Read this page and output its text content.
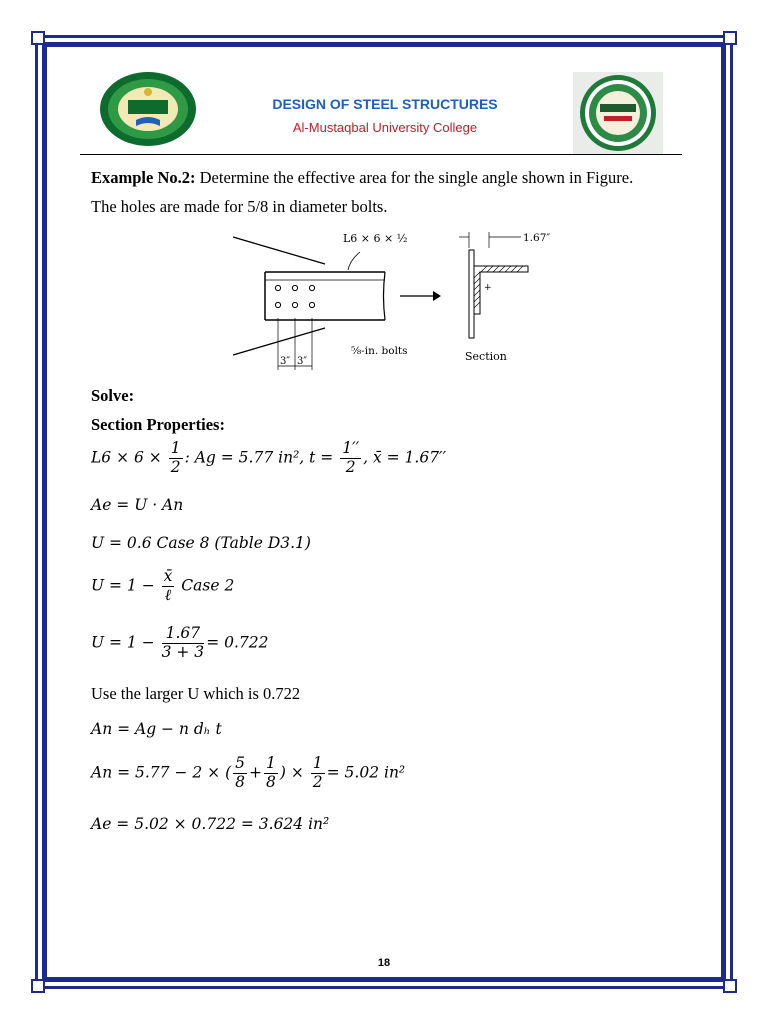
DESIGN OF STEEL STRUCTURES
Al-Mustaqbal University College
Example No.2: Determine the effective area for the single angle shown in Figure.
The holes are made for 5/8 in diameter bolts.
L6 × 6 × ½
3″ 3″
⅝-in. bolts
+
1.67″
Section
Solve:
Section Properties:
$L6 \times 6 \times \frac{1}{2}$ : Ag = 5.77 in², $t = \frac{1''}{2}$ , x̄ = 1.67′′
Ae = U · An
U = 0.6 Case 8 (Table D3.1)
$U = 1 - \frac{x̄}{\text{ℓ}}$ Case 2
$U = 1 - \frac{1.67}{3 + 3} = 0.722$
Use the larger U which is 0.722
An = Ag − n dₕ t
An = 5.77 − 2 × ( $\frac{5}{8} + \frac{1}{8}$ ) × $\frac{1}{2} = 5.02$ in²
Ae = 5.02 × 0.722 = 3.624 in²
18
